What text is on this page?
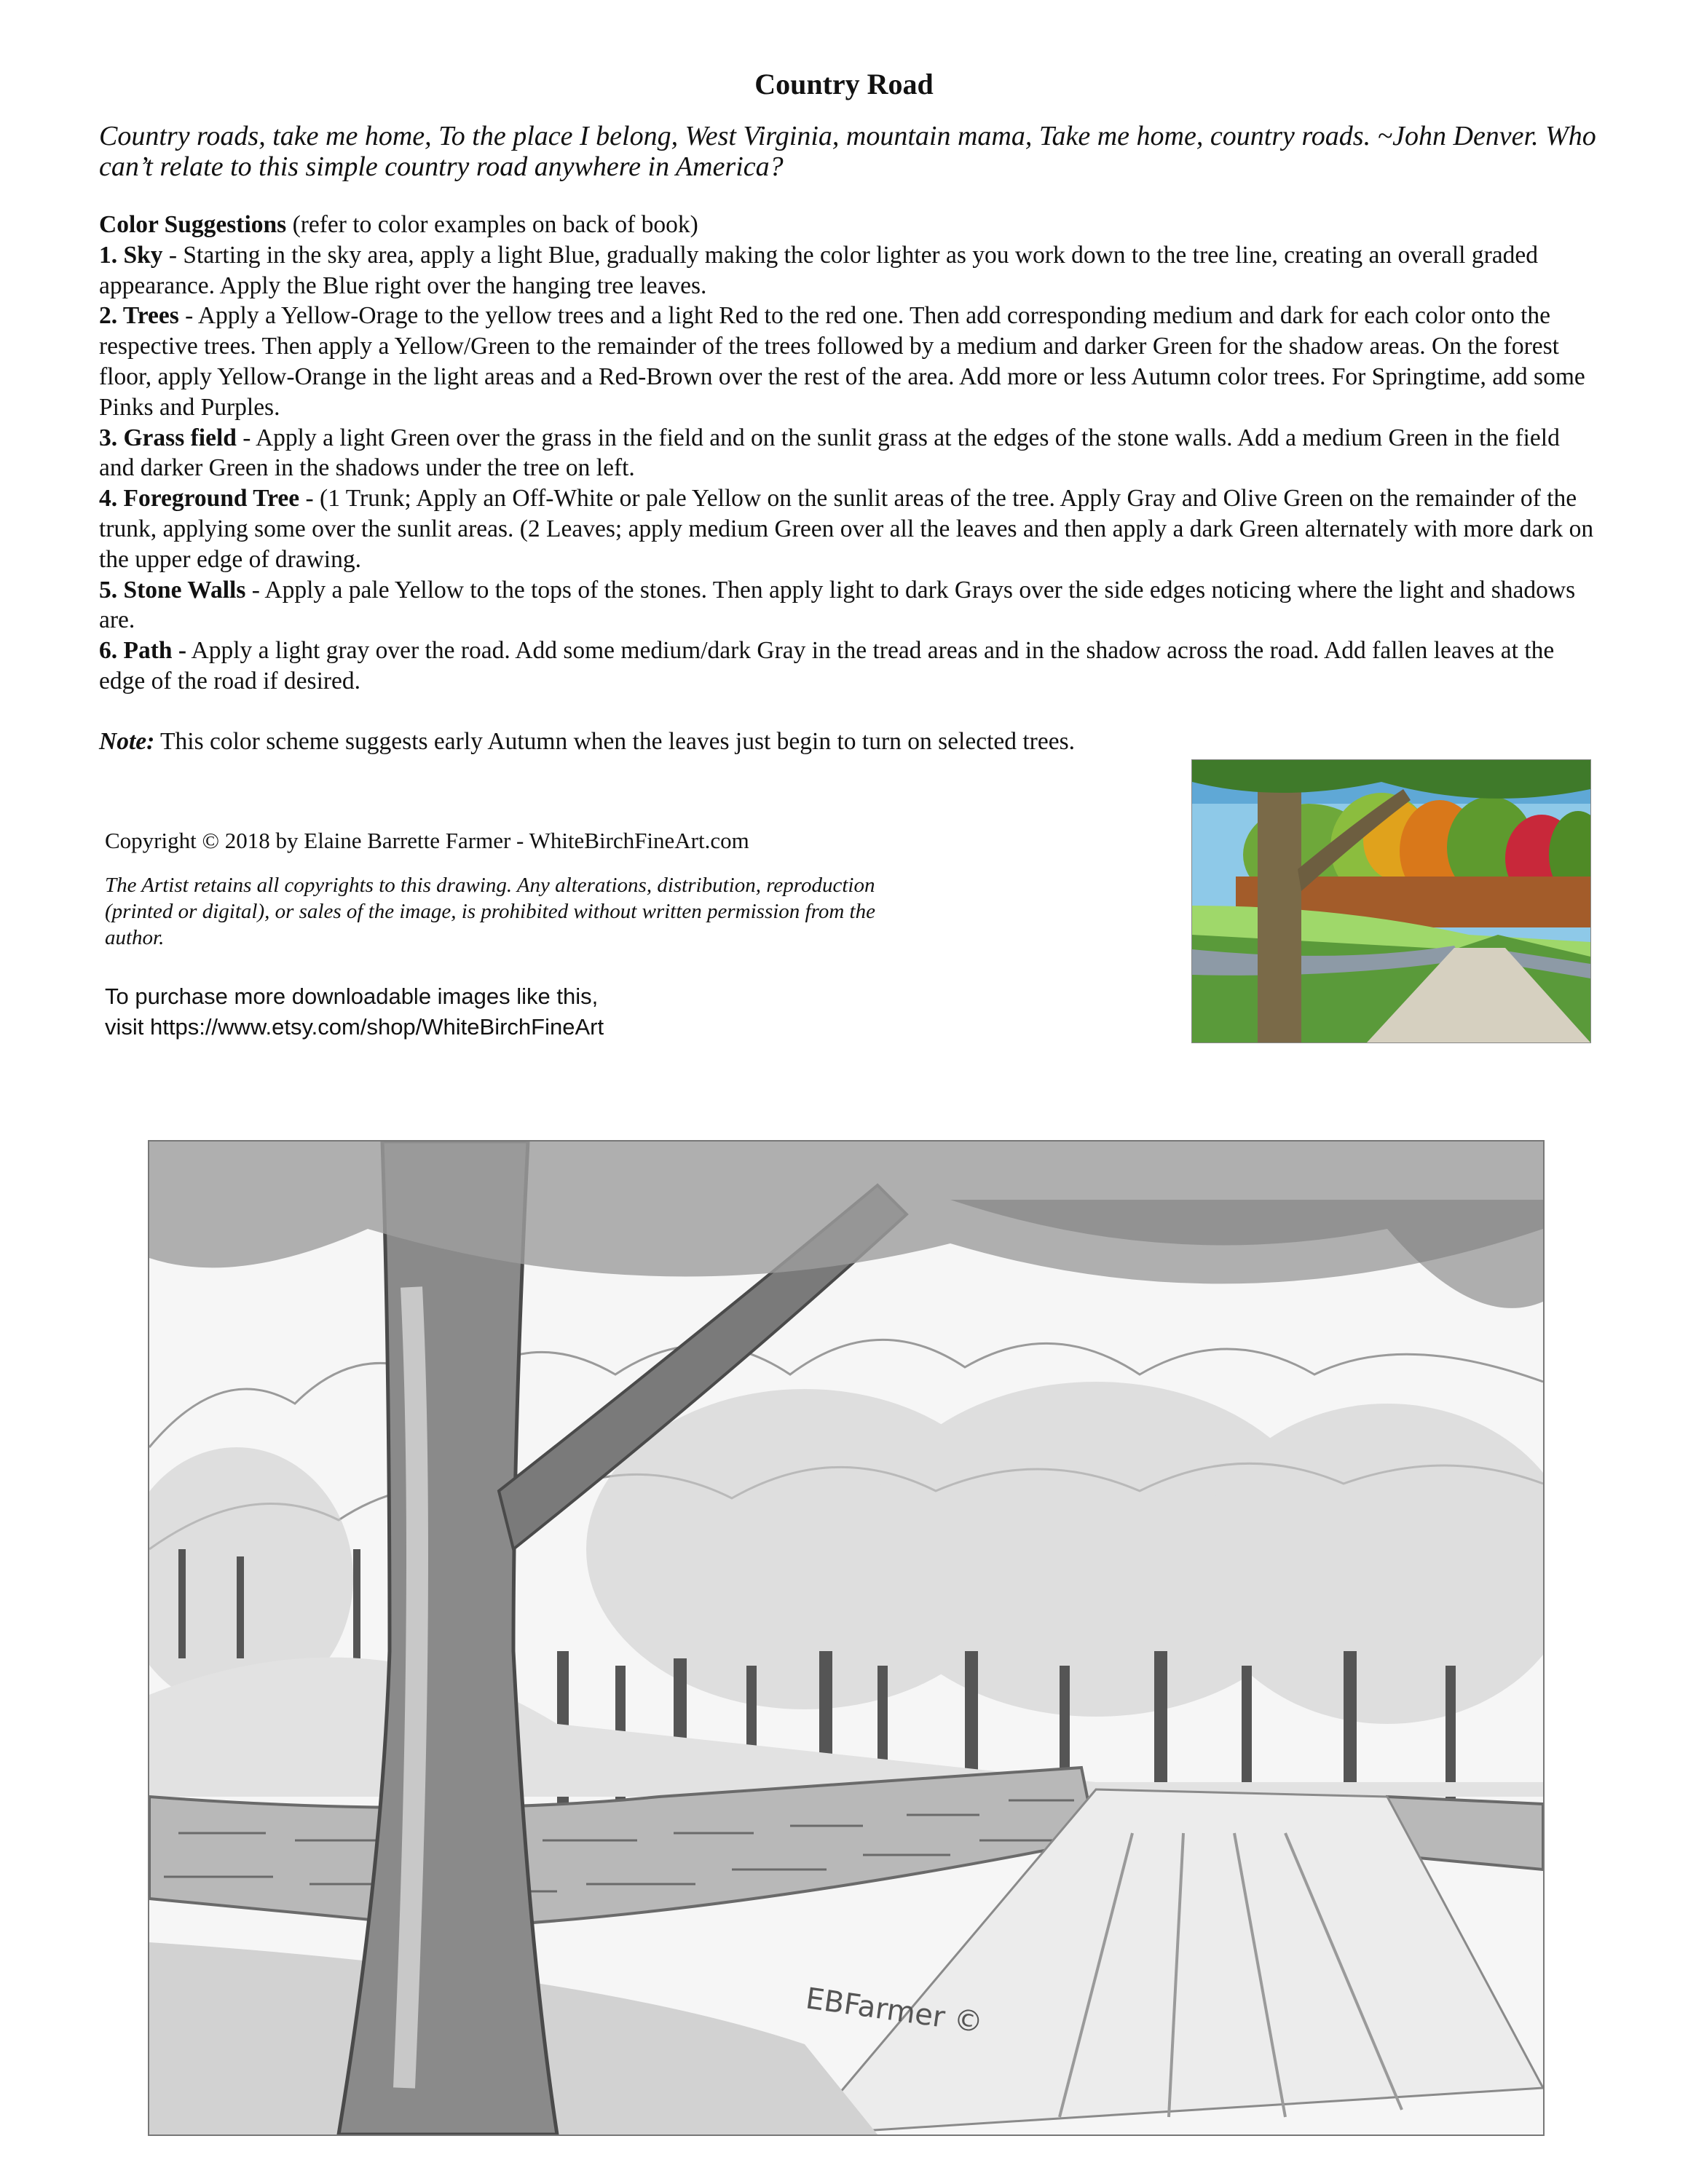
Country Road
Country roads, take me home, To the place I belong, West Virginia, mountain mama, Take me home, country roads. ~John Denver. Who can’t relate to this simple country road anywhere in America?

Color Suggestions (refer to color examples on back of book)

1. Sky - Starting in the sky area, apply a light Blue, gradually making the color lighter as you work down to the tree line, creating an overall graded appearance. Apply the Blue right over the hanging tree leaves.

2. Trees - Apply a Yellow-Orage to the yellow trees and a light Red to the red one. Then add corresponding medium and dark for each color onto the respective trees. Then apply a Yellow/Green to the remainder of the trees followed by a medium and darker Green for the shadow areas. On the forest floor, apply Yellow-Orange in the light areas and a Red-Brown over the rest of the area. Add more or less Autumn color trees. For Springtime, add some Pinks and Purples.

3. Grass field - Apply a light Green over the grass in the field and on the sunlit grass at the edges of the stone walls. Add a medium Green in the field and darker Green in the shadows under the tree on left.

4. Foreground Tree - (1 Trunk; Apply an Off-White or pale Yellow on the sunlit areas of the tree. Apply Gray and Olive Green on the remainder of the trunk, applying some over the sunlit areas. (2 Leaves; apply medium Green over all the leaves and then apply a dark Green alternately with more dark on the upper edge of drawing.

5. Stone Walls - Apply a pale Yellow to the tops of the stones. Then apply light to dark Grays over the side edges noticing where the light and shadows are.

6. Path - Apply a light gray over the road. Add some medium/dark Gray in the tread areas and in the shadow across the road. Add fallen leaves at the edge of the road if desired.

Note: This color scheme suggests early Autumn when the leaves just begin to turn on selected trees.
Copyright © 2018 by Elaine Barrette Farmer - WhiteBirchFineArt.com
The Artist retains all copyrights to this drawing. Any alterations, distribution, reproduction (printed or digital), or sales of the image, is prohibited without written permission from the author.
To purchase more downloadable images like this,
visit https://www.etsy.com/shop/WhiteBirchFineArt
EBFarmer ©
